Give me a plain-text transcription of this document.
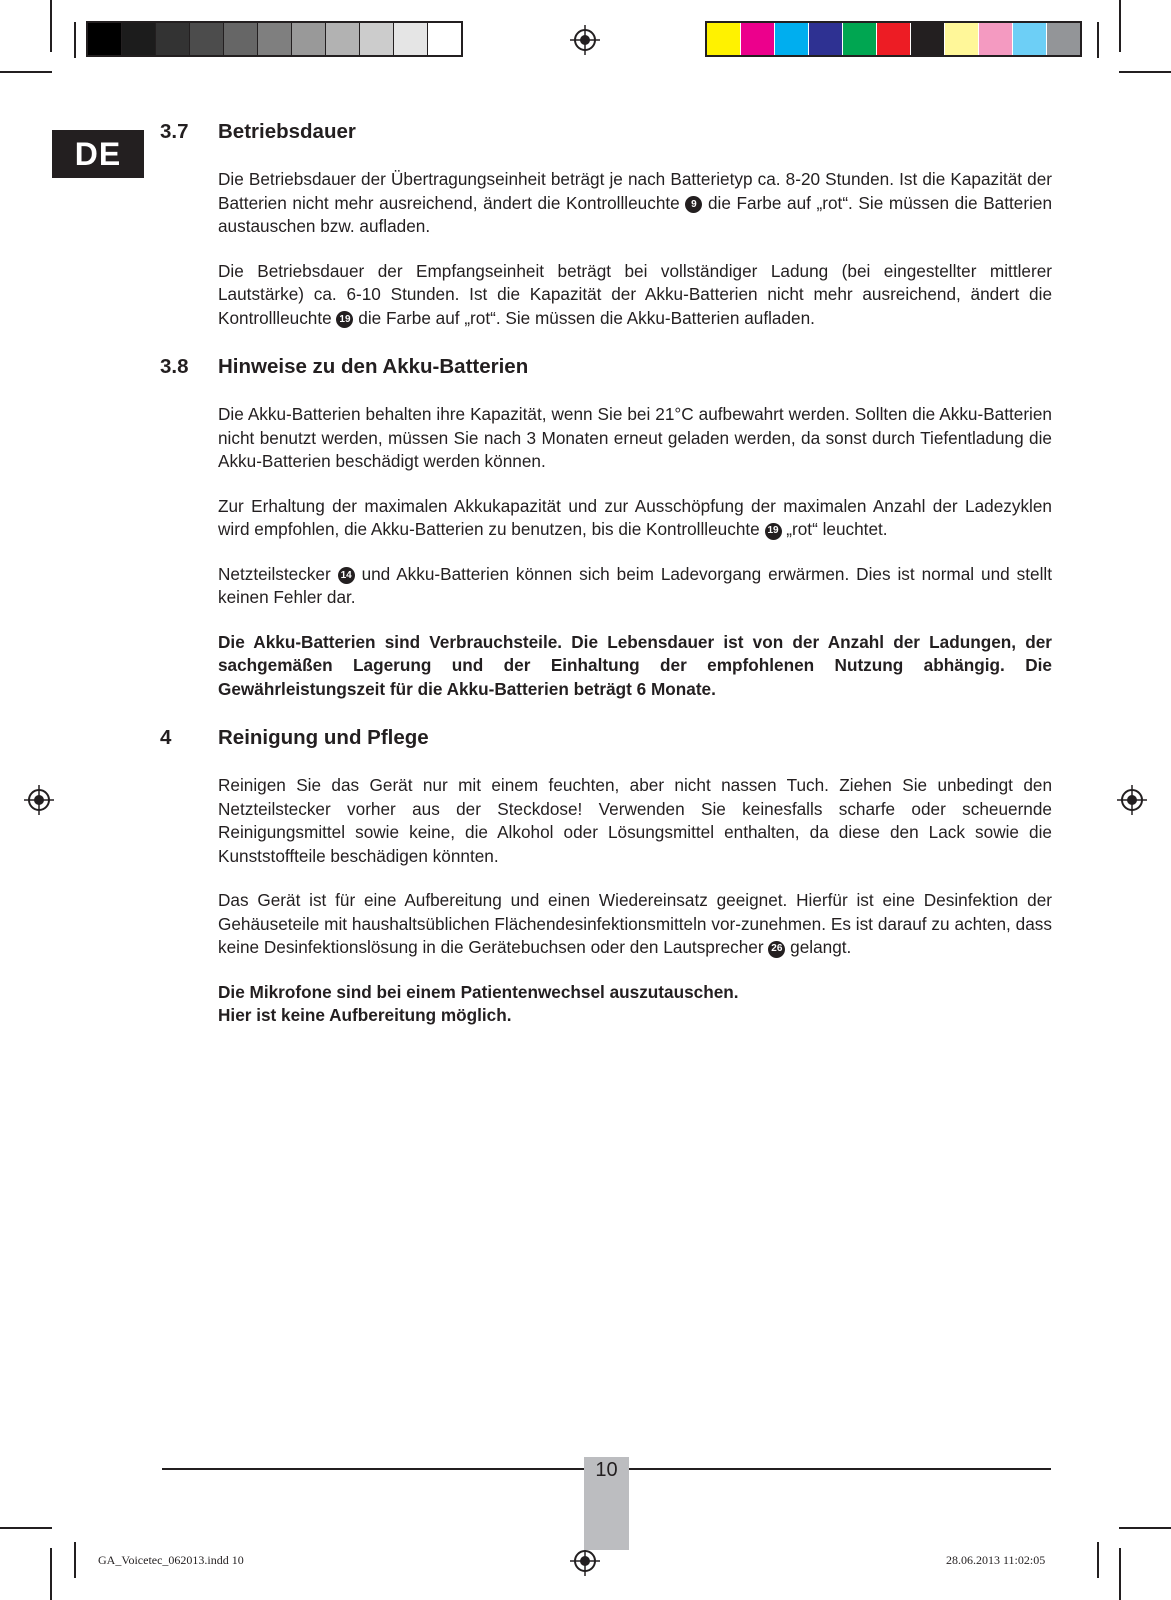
DE
3.7	Betriebsdauer

Die Betriebsdauer der Übertragungseinheit beträgt je nach Batterietyp ca. 8-20 Stunden. Ist die Kapazität der Batterien nicht mehr ausreichend, ändert die Kontrollleuchte 9 die Farbe auf „rot“. Sie müssen die Batterien austauschen bzw. aufladen.

Die Betriebsdauer der Empfangseinheit beträgt bei vollständiger Ladung (bei eingestellter mittlerer Lautstärke) ca. 6-10 Stunden. Ist die Kapazität der Akku-Batterien nicht mehr ausreichend, ändert die Kontrollleuchte 19 die Farbe auf „rot“. Sie müssen die Akku-Batterien aufladen.

3.8	Hinweise zu den Akku-Batterien

Die Akku-Batterien behalten ihre Kapazität, wenn Sie bei 21°C aufbewahrt werden. Sollten die Akku-Batterien nicht benutzt werden, müssen Sie nach 3 Monaten erneut geladen werden, da sonst durch Tiefentladung die Akku-Batterien beschädigt werden können.

Zur Erhaltung der maximalen Akkukapazität und zur Ausschöpfung der maximalen Anzahl der Ladezyklen wird empfohlen, die Akku-Batterien zu benutzen, bis die Kontrollleuchte 19 „rot“ leuchtet.

Netzteilstecker 14 und Akku-Batterien können sich beim Ladevorgang erwärmen. Dies ist normal und stellt keinen Fehler dar.

Die Akku-Batterien sind Verbrauchsteile. Die Lebensdauer ist von der Anzahl der Ladungen, der sachgemäßen Lagerung und der Einhaltung der empfohlenen Nutzung abhängig. Die Gewährleistungszeit für die Akku-Batterien beträgt 6 Monate.

4	Reinigung und Pflege

Reinigen Sie das Gerät nur mit einem feuchten, aber nicht nassen Tuch. Ziehen Sie unbedingt den Netzteilstecker vorher aus der Steckdose! Verwenden Sie keinesfalls scharfe oder scheuernde Reinigungsmittel sowie keine, die Alkohol oder Lösungsmittel enthalten, da diese den Lack sowie die Kunststoffteile beschädigen könnten.

Das Gerät ist für eine Aufbereitung und einen Wiedereinsatz geeignet. Hierfür ist eine Desinfektion der Gehäuseteile mit haushaltsüblichen Flächendesinfektionsmitteln vor-zunehmen. Es ist darauf zu achten, dass keine Desinfektionslösung in die Gerätebuchsen oder den Lautsprecher 26 gelangt.

Die Mikrofone sind bei einem Patientenwechsel auszutauschen.
Hier ist keine Aufbereitung möglich.

10
GA_Voicetec_062013.indd 10	28.06.2013 11:02:05
